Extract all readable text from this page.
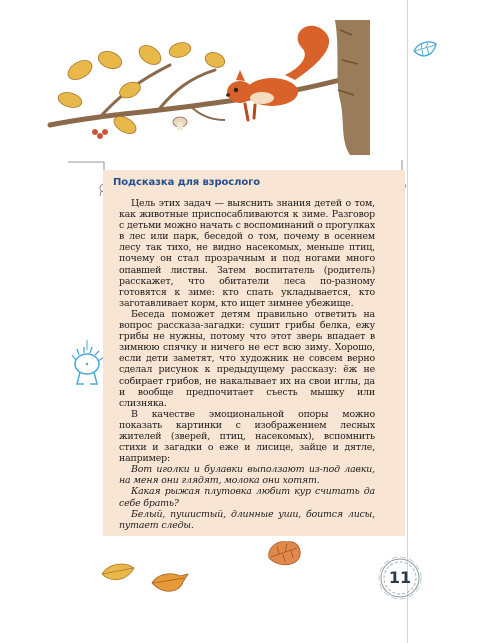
Подсказка для взрослого

Цель этих задач — выяснить знания детей о том, как животные приспосабливаются к зиме. Разговор с детьми можно начать с воспоминаний о прогулках в лес или парк, беседой о том, почему в осеннем лесу так тихо, не видно насекомых, меньше птиц, почему он стал прозрачным и под ногами много опавшей листвы. Затем воспитатель (родитель) расскажет, что обитатели леса по-разному готовятся к зиме: кто спать укладывается, кто заготавливает корм, кто ищет зимнее убежище.

Беседа поможет детям правильно ответить на вопрос рассказа-загадки: сушит грибы белка, ежу грибы не нужны, потому что этот зверь впадает в зимнюю спячку и ничего не ест всю зиму. Хорошо, если дети заметят, что художник не совсем верно сделал рисунок к предыдущему рассказу: ёж не собирает грибов, не накалывает их на свои иглы, да и вообще предпочитает съесть мышку или слизняка.

В качестве эмоциональной опоры можно показать картинки с изображением лесных жителей (зверей, птиц, насекомых), вспомнить стихи и загадки о еже и лисице, зайце и дятле, например:

Вот иголки и булавки выползают из-под лавки, на меня они глядят, молока они хотят.

Какая рыжая плутовка любит кур считать да себе брать?

Белый, пушистый, длинные уши, боится лисы, путает следы.

11
